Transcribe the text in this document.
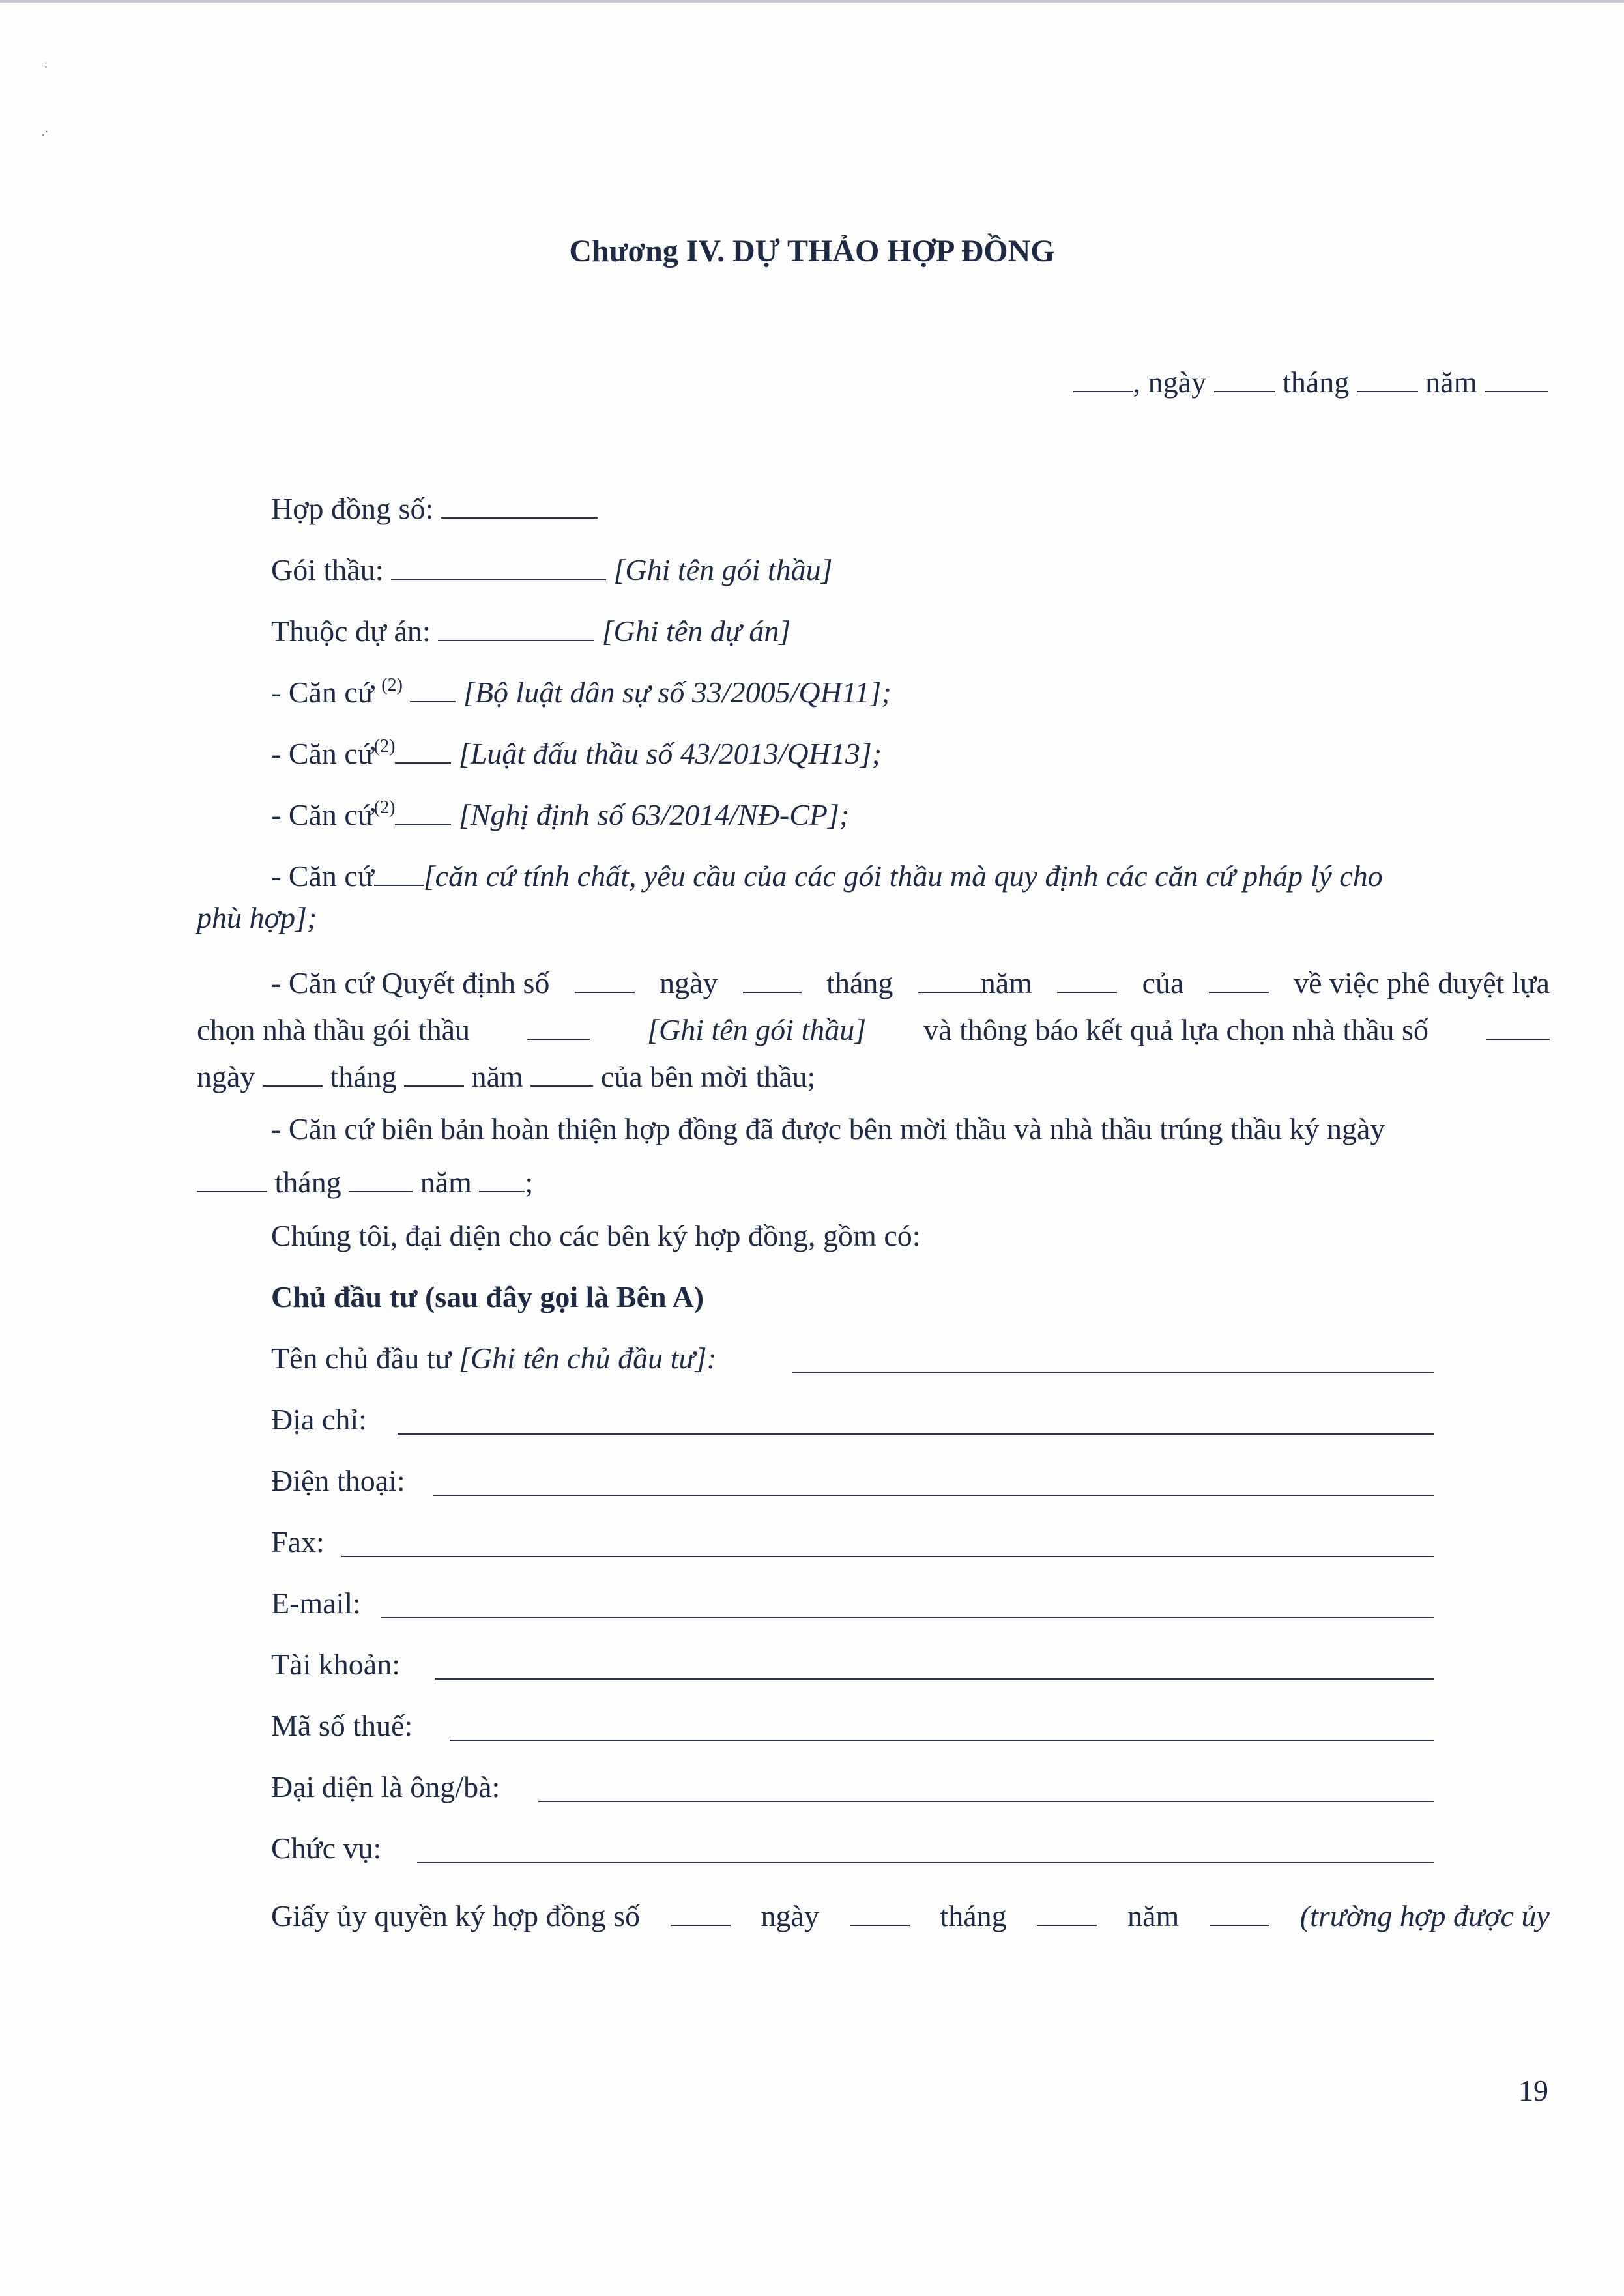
:
.·
Chương IV. DỰ THẢO HỢP ĐỒNG
, ngày	tháng	năm
Hợp đồng số:
Gói thầu:	[Ghi tên gói thầu]
Thuộc dự án:	[Ghi tên dự án]
- Căn cứ $^{(2)}$ [Bộ luật dân sự số 33/2005/QH11];
- Căn cứ$^{(2)}$ [Luật đấu thầu số 43/2013/QH13];
- Căn cứ$^{(2)}$ [Nghị định số 63/2014/NĐ-CP];
- Căn cứ [căn cứ tính chất, yêu cầu của các gói thầu mà quy định các căn cứ pháp lý cho
phù hợp];
- Căn cứ Quyết định số	ngày	tháng	năm	của	về việc phê duyệt lựa
chọn nhà thầu gói thầu	[Ghi tên gói thầu] và thông báo kết quả lựa chọn nhà thầu số
ngày	tháng	năm	của bên mời thầu;
- Căn cứ biên bản hoàn thiện hợp đồng đã được bên mời thầu và nhà thầu trúng thầu ký ngày
tháng	năm ;
Chúng tôi, đại diện cho các bên ký hợp đồng, gồm có:
Chủ đầu tư (sau đây gọi là Bên A)
Tên chủ đầu tư [Ghi tên chủ đầu tư]:
Địa chỉ:
Điện thoại:
Fax:
E-mail:
Tài khoản:
Mã số thuế:
Đại diện là ông/bà:
Chức vụ:
Giấy ủy quyền ký hợp đồng số	ngày	tháng	năm	(trường hợp được ủy
19
